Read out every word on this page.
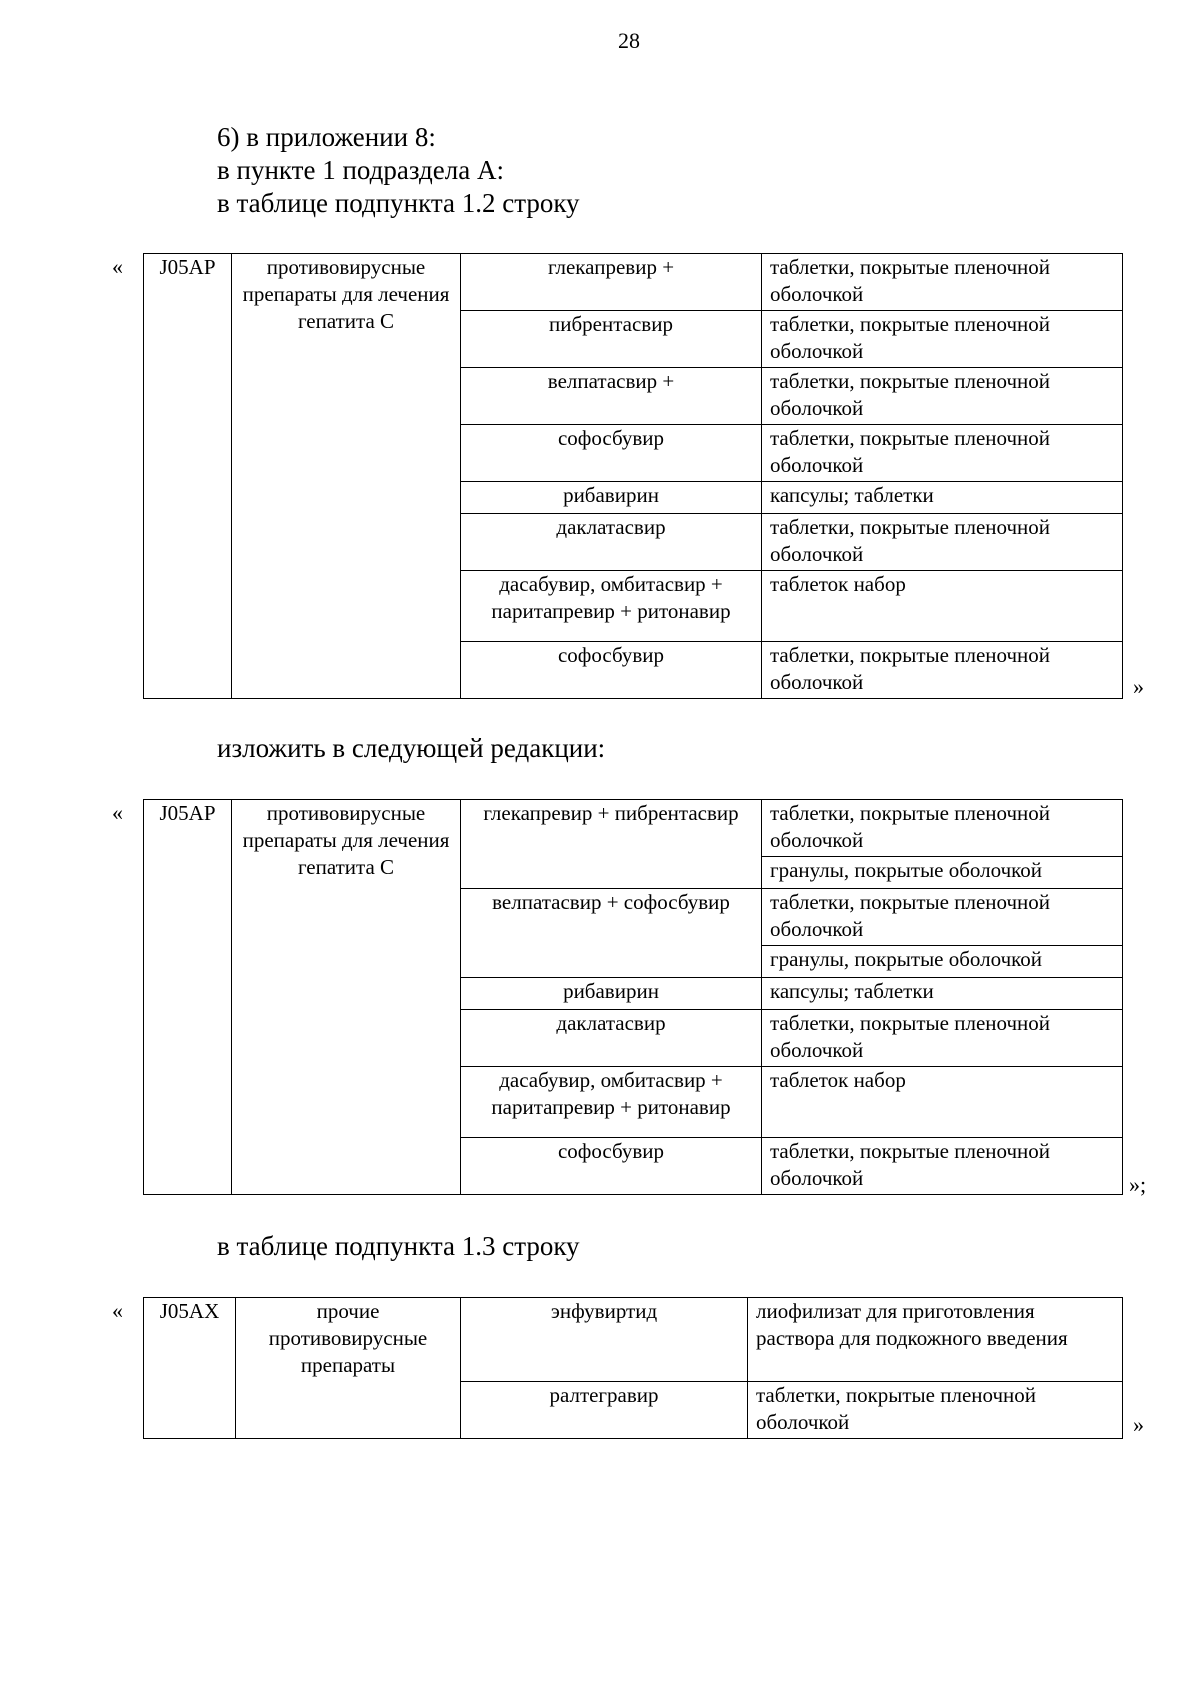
28
6) в приложении 8:
в пункте 1 подраздела А:
в таблице подпункта 1.2 строку
« J05AP	противовирусные препараты для лечения гепатита С	глекапревир +	таблетки, покрытые пленочной оболочкой
		пибрентасвир	таблетки, покрытые пленочной оболочкой
		велпатасвир +	таблетки, покрытые пленочной оболочкой
		софосбувир	таблетки, покрытые пленочной оболочкой
		рибавирин	капсулы; таблетки
		даклатасвир	таблетки, покрытые пленочной оболочкой
		дасабувир, омбитасвир + паритапревир + ритонавир	таблеток набор
		софосбувир	таблетки, покрытые пленочной оболочкой	»
изложить в следующей редакции:
« J05AP	противовирусные препараты для лечения гепатита С	глекапревир + пибрентасвир	таблетки, покрытые пленочной оболочкой
			гранулы, покрытые оболочкой
		велпатасвир + софосбувир	таблетки, покрытые пленочной оболочкой
			гранулы, покрытые оболочкой
		рибавирин	капсулы; таблетки
		даклатасвир	таблетки, покрытые пленочной оболочкой
		дасабувир, омбитасвир + паритапревир + ритонавир	таблеток набор
		софосбувир	таблетки, покрытые пленочной оболочкой	»;
в таблице подпункта 1.3 строку
« J05AX	прочие противовирусные препараты	энфувиртид	лиофилизат для приготовления раствора для подкожного введения
		ралтегравир	таблетки, покрытые пленочной оболочкой	»
